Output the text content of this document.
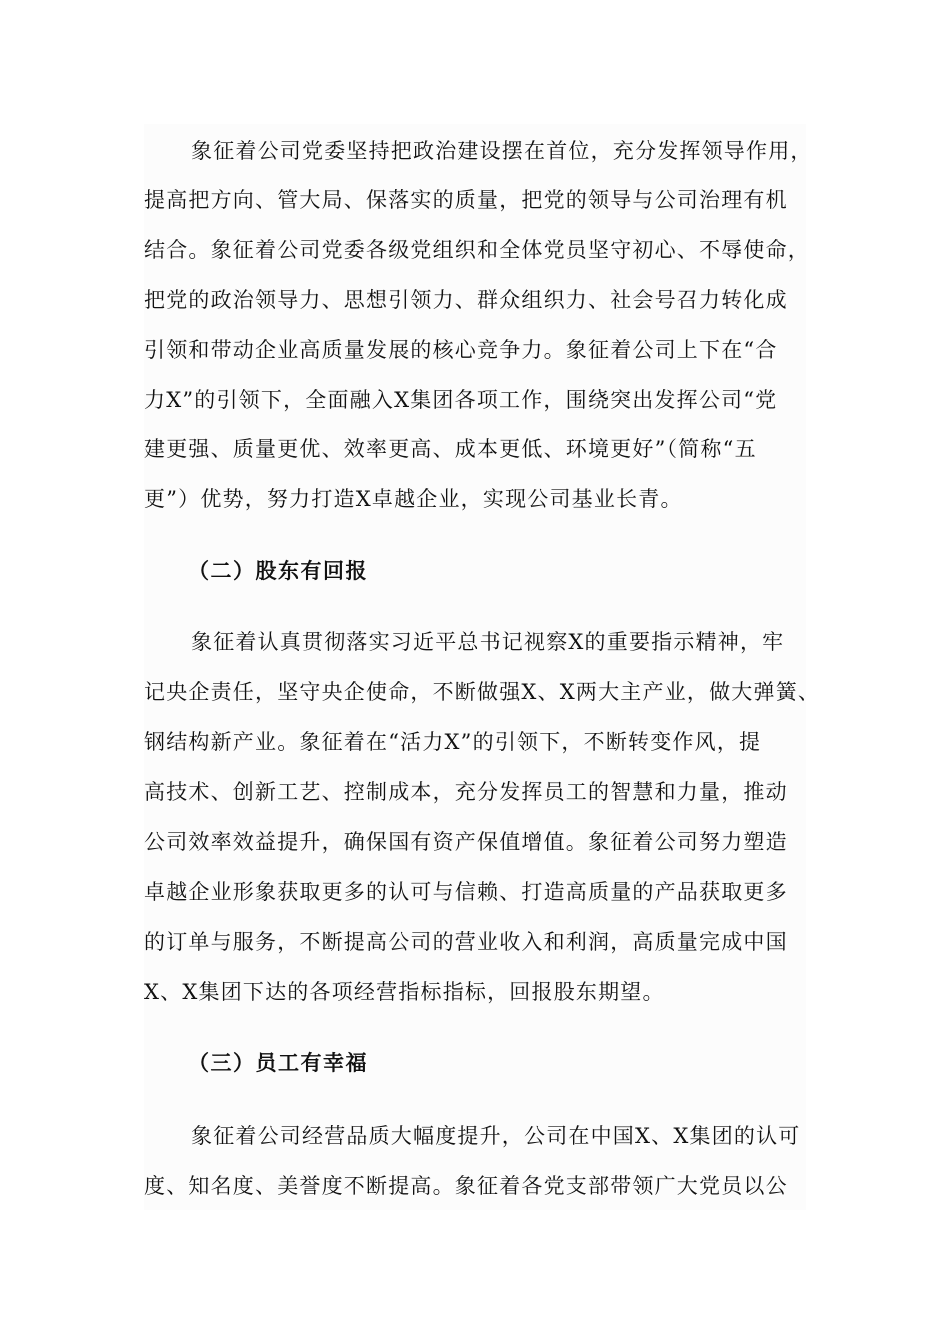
象征着公司党委坚持把政治建设摆在首位，充分发挥领导作用，
提高把方向、管大局、保落实的质量，把党的领导与公司治理有机
结合。象征着公司党委各级党组织和全体党员坚守初心、不辱使命，
把党的政治领导力、思想引领力、群众组织力、社会号召力转化成
引领和带动企业高质量发展的核心竞争力。象征着公司上下在“合
力X”的引领下，全面融入X集团各项工作，围绕突出发挥公司“党
建更强、质量更优、效率更高、成本更低、环境更好”（简称“五
更”）优势，努力打造X卓越企业，实现公司基业长青。
（二）股东有回报
象征着认真贯彻落实习近平总书记视察X的重要指示精神，牢
记央企责任，坚守央企使命，不断做强X、X两大主产业，做大弹簧、
钢结构新产业。象征着在“活力X”的引领下，不断转变作风，提
高技术、创新工艺、控制成本，充分发挥员工的智慧和力量，推动
公司效率效益提升，确保国有资产保值增值。象征着公司努力塑造
卓越企业形象获取更多的认可与信赖、打造高质量的产品获取更多
的订单与服务，不断提高公司的营业收入和利润，高质量完成中国
X、X集团下达的各项经营指标指标，回报股东期望。
（三）员工有幸福
象征着公司经营品质大幅度提升，公司在中国X、X集团的认可
度、知名度、美誉度不断提高。象征着各党支部带领广大党员以公
